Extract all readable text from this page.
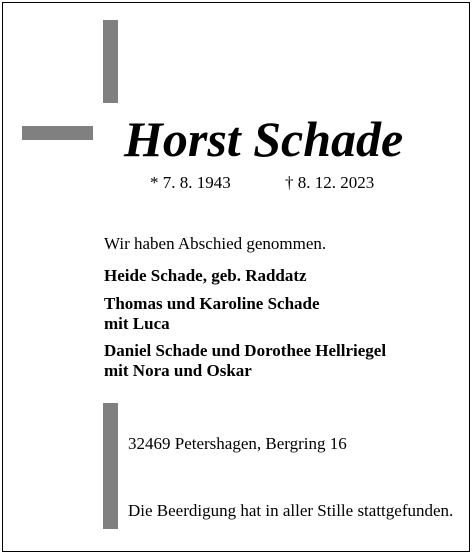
Horst Schade
* 7. 8. 1943	† 8. 12. 2023
Wir haben Abschied genommen.
Heide Schade, geb. Raddatz
Thomas und Karoline Schade
mit Luca
Daniel Schade und Dorothee Hellriegel
mit Nora und Oskar
32469 Petershagen, Bergring 16
Die Beerdigung hat in aller Stille stattgefunden.
